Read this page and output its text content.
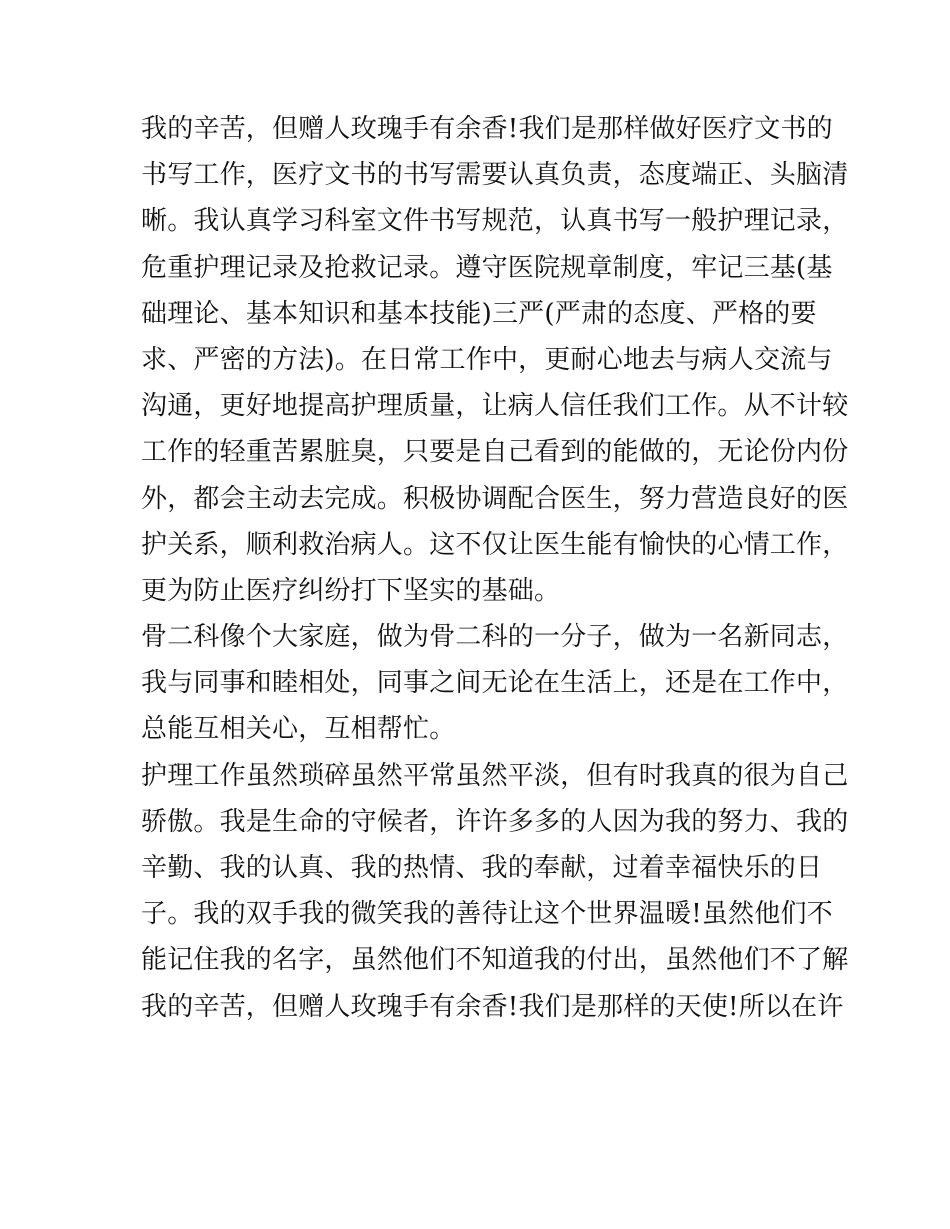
我的辛苦，但赠人玫瑰手有余香!我们是那样做好医疗文书的
书写工作，医疗文书的书写需要认真负责，态度端正、头脑清
晰。我认真学习科室文件书写规范，认真书写一般护理记录，
危重护理记录及抢救记录。遵守医院规章制度，牢记三基(基
础理论、基本知识和基本技能)三严(严肃的态度、严格的要
求、严密的方法)。在日常工作中，更耐心地去与病人交流与
沟通，更好地提高护理质量，让病人信任我们工作。从不计较
工作的轻重苦累脏臭，只要是自己看到的能做的，无论份内份
外，都会主动去完成。积极协调配合医生，努力营造良好的医
护关系，顺利救治病人。这不仅让医生能有愉快的心情工作，
更为防止医疗纠纷打下坚实的基础。
骨二科像个大家庭，做为骨二科的一分子，做为一名新同志，
我与同事和睦相处，同事之间无论在生活上，还是在工作中，
总能互相关心，互相帮忙。
护理工作虽然琐碎虽然平常虽然平淡，但有时我真的很为自己
骄傲。我是生命的守候者，许许多多的人因为我的努力、我的
辛勤、我的认真、我的热情、我的奉献，过着幸福快乐的日
子。我的双手我的微笑我的善待让这个世界温暖!虽然他们不
能记住我的名字，虽然他们不知道我的付出，虽然他们不了解
我的辛苦，但赠人玫瑰手有余香!我们是那样的天使!所以在许
